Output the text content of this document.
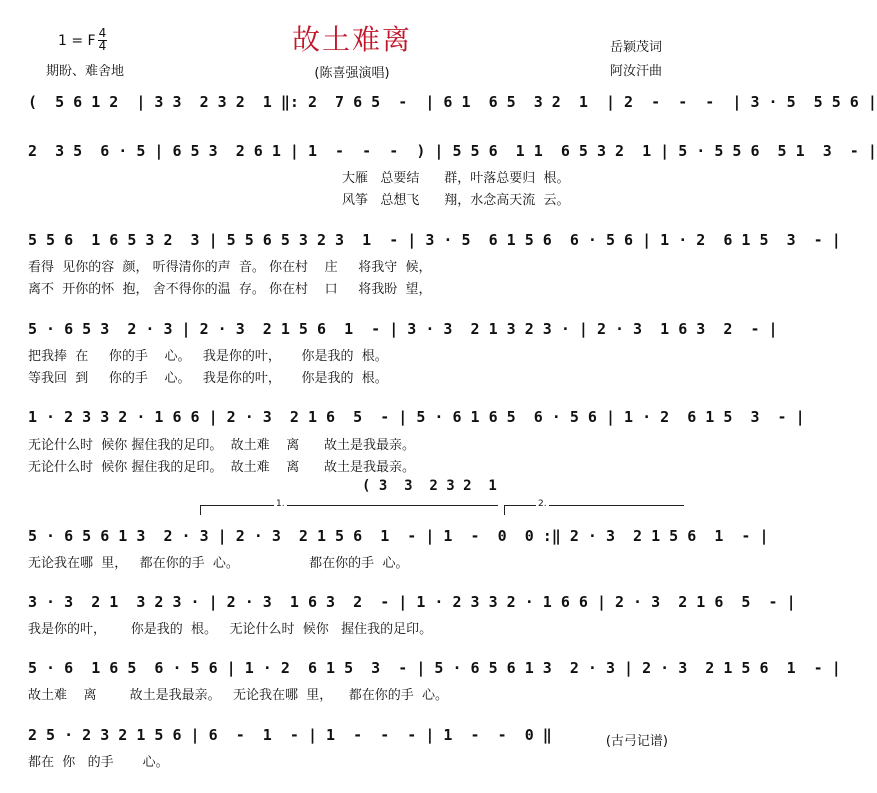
故土难离
1 = F 4

4
期盼、难舍地	(陈喜强演唱)
岳颖茂词
阿汝汗曲
(  5 6 1 2  | 3 3  2 3 2  1 ‖: 2  7 6 5  -  | 6 1  6 5  3 2  1  | 2  -  -  -  | 3 · 5  5 5 6 |
2  3 5  6 · 5 | 6 5 3  2 6 1 | 1  -  -  -  ) | 5 5 6  1 1  6 5 3 2  1 | 5 · 5 5 6  5 1  3  - |
大雁   总要结      群，叶落总要归  根。
风筝   总想飞      翔，水念高天流  云。
5 5 6  1 6 5 3 2  3 | 5 5 6 5 3 2 3  1  - | 3 · 5  6 1 5 6  6 · 5 6 | 1 · 2  6 1 5  3  - |
看得  见你的容  颜， 听得清你的声  音。 你在村    庄     将我守  候，
离不  开你的怀  抱， 舍不得你的温  存。 你在村    口     将我盼  望，
5 · 6 5 3  2 · 3 | 2 · 3  2 1 5 6  1  - | 3 · 3  2 1 3 2 3 · | 2 · 3  1 6 3  2  - |
把我捧  在     你的手    心。   我是你的叶，     你是我的  根。
等我回  到     你的手    心。   我是你的叶，     你是我的  根。
1 · 2 3 3 2 · 1 6 6 | 2 · 3  2 1 6  5  - | 5 · 6 1 6 5  6 · 5 6 | 1 · 2  6 1 5  3  - |
无论什么时  候你 握住我的足印。  故土难    离      故土是我最亲。
无论什么时  候你 握住我的足印。  故土难    离      故土是我最亲。
( 3  3  2 3 2  1
1.	2.
5 · 6 5 6 1 3  2 · 3 | 2 · 3  2 1 5 6  1  - | 1  -  0  0 :‖ 2 · 3  2 1 5 6  1  - |
无论我在哪  里，   都在你的手  心。                 都在你的手  心。
3 · 3  2 1  3 2 3 · | 2 · 3  1 6 3  2  - | 1 · 2 3 3 2 · 1 6 6 | 2 · 3  2 1 6  5  - |
我是你的叶，      你是我的  根。   无论什么时  候你   握住我的足印。
5 · 6  1 6 5  6 · 5 6 | 1 · 2  6 1 5  3  - | 5 · 6 5 6 1 3  2 · 3 | 2 · 3  2 1 5 6  1  - |
故土难    离        故土是我最亲。   无论我在哪  里，    都在你的手  心。
2 5 · 2 3 2 1 5 6 | 6  -  1  - | 1  -  -  - | 1  -  -  0 ‖
都在  你   的手       心。
(古弓记谱)
